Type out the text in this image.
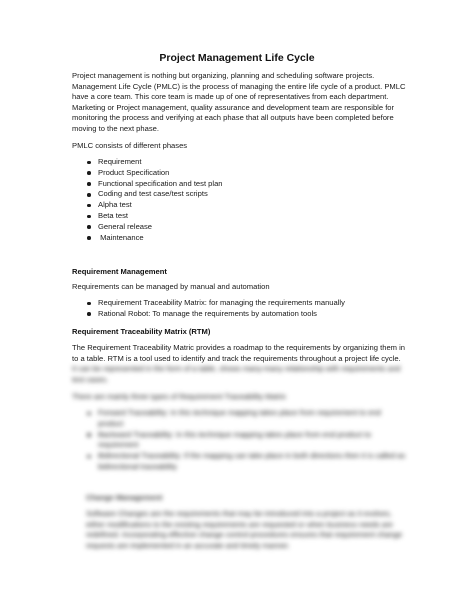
Project Management Life Cycle
Project management is nothing but organizing, planning and scheduling software projects.
Management Life Cycle (PMLC) is the process of managing the entire life cycle of a product. PMLC
have a core team. This core team is made up of one of representatives from each department.
Marketing or Project management, quality assurance and development team are responsible for
monitoring the process and verifying at each phase that all outputs have been completed before
moving to the next phase.
PMLC consists of different phases
Requirement
Product Specification
Functional specification and test plan
Coding and test case/test scripts
Alpha test
Beta test
General release
Maintenance
Requirement Management
Requirements can be managed by manual and automation
Requirement Traceability Matrix: for managing the requirements manually
Rational Robot: To manage the requirements by automation tools
Requirement Traceability Matrix (RTM)
The Requirement Traceability Matric provides a roadmap to the requirements by organizing them in
to a table. RTM is a tool used to identify and track the requirements throughout a project life cycle.
It can be represented in the form of a table, shows many-many relationship with requirements and
test cases.
There are mainly three types of Requirement Traceability Matrix
Forward Traceability: In this technique mapping takes place from requirement to end
product
Backward Traceability: In this technique mapping takes place from end product to
requirement
Bidirectional Traceability: If the mapping can take place in both directions then it is called as
bidirectional traceability
Change Management
Software Changes are the requirements that may be introduced into a project as it evolves,
either modifications to the existing requirements are requested or when business needs are
redefined. Incorporating effective change control procedures ensures that requirement change
requests are implemented in an accurate and timely manner.
